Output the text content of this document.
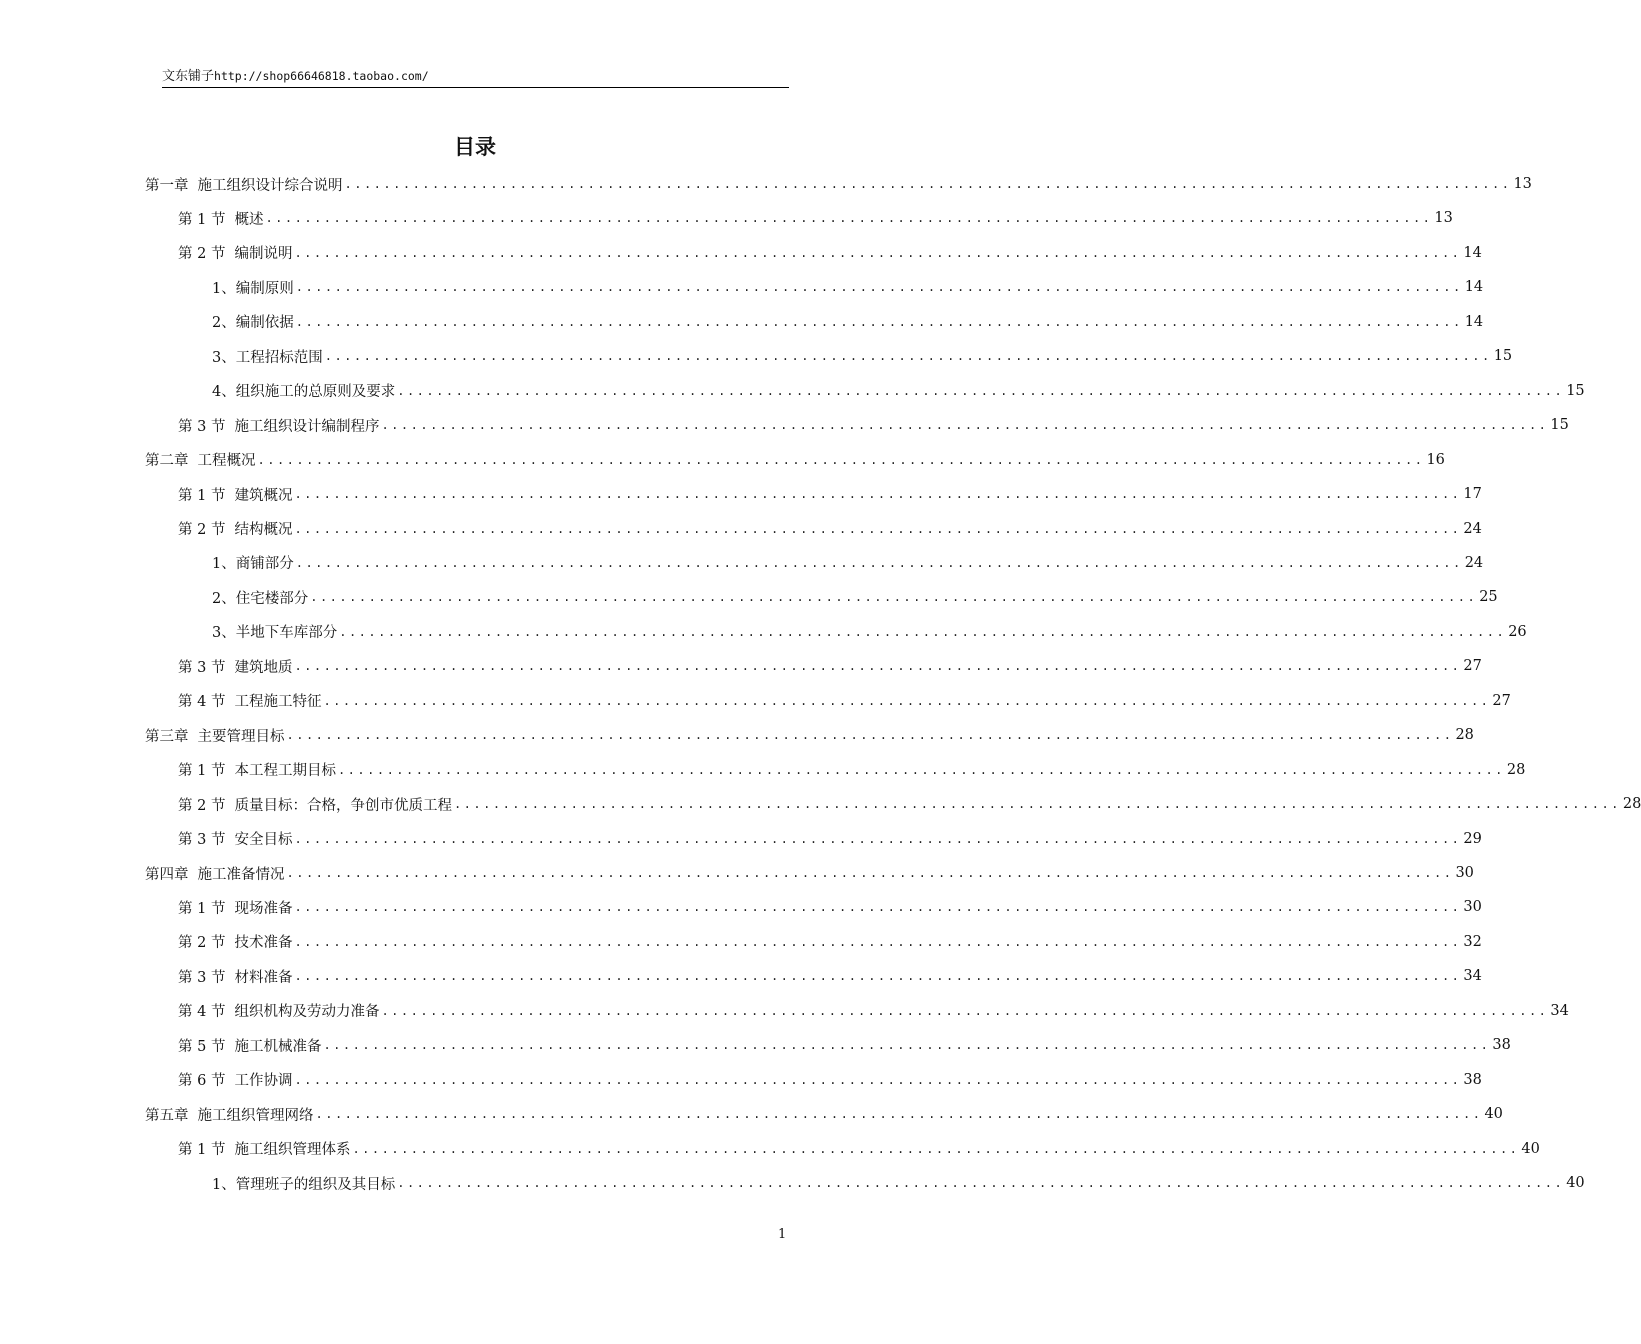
文东铺子http://shop66646818.taobao.com/
目录
第一章 施工组织设计综合说明 ........................................................................................................................ 13
第 1 节 概述 ........................................................................................................................ 13
第 2 节 编制说明 ........................................................................................................................ 14
1、 编制原则 ........................................................................................................................ 14
2、 编制依据 ........................................................................................................................ 14
3、 工程招标范围 ........................................................................................................................ 15
4、 组织施工的总原则及要求 ........................................................................................................................ 15
第 3 节 施工组织设计编制程序 ........................................................................................................................ 15
第二章 工程概况 ........................................................................................................................ 16
第 1 节 建筑概况 ........................................................................................................................ 17
第 2 节 结构概况 ........................................................................................................................ 24
1、 商铺部分 ........................................................................................................................ 24
2、 住宅楼部分 ........................................................................................................................ 25
3、 半地下车库部分 ........................................................................................................................ 26
第 3 节 建筑地质 ........................................................................................................................ 27
第 4 节 工程施工特征 ........................................................................................................................ 27
第三章 主要管理目标 ........................................................................................................................ 28
第 1 节 本工程工期目标 ........................................................................................................................ 28
第 2 节 质量目标：合格，争创市优质工程 ........................................................................................................................ 28
第 3 节 安全目标 ........................................................................................................................ 29
第四章 施工准备情况 ........................................................................................................................ 30
第 1 节 现场准备 ........................................................................................................................ 30
第 2 节 技术准备 ........................................................................................................................ 32
第 3 节 材料准备 ........................................................................................................................ 34
第 4 节 组织机构及劳动力准备 ........................................................................................................................ 34
第 5 节 施工机械准备 ........................................................................................................................ 38
第 6 节 工作协调 ........................................................................................................................ 38
第五章 施工组织管理网络 ........................................................................................................................ 40
第 1 节 施工组织管理体系 ........................................................................................................................ 40
1、 管理班子的组织及其目标 ........................................................................................................................ 40
1
